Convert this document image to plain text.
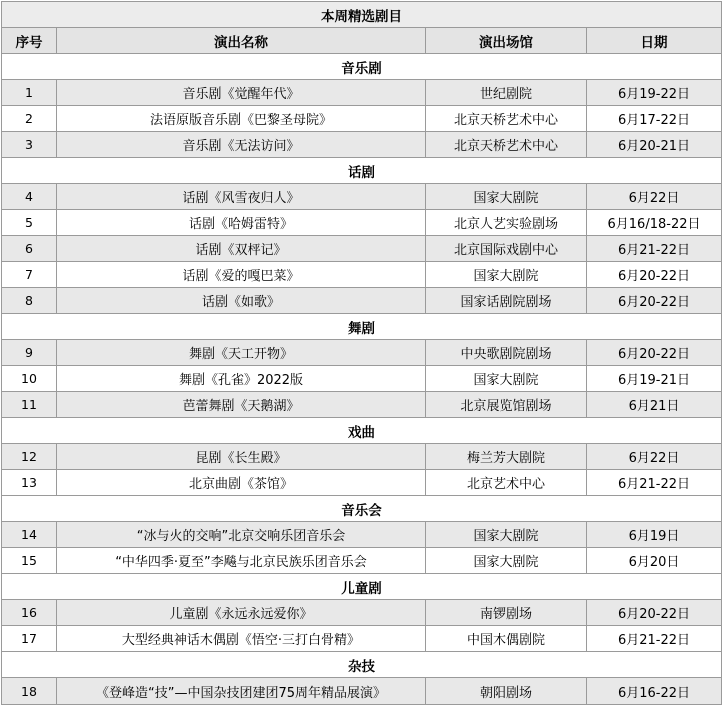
本周精选剧目			
序号	演出名称	演出场馆	日期
音乐剧			
1	音乐剧《觉醒年代》	世纪剧院	6月19-22日
2	法语原版音乐剧《巴黎圣母院》	北京天桥艺术中心	6月17-22日
3	音乐剧《无法访问》	北京天桥艺术中心	6月20-21日
话剧			
4	话剧《风雪夜归人》	国家大剧院	6月22日
5	话剧《哈姆雷特》	北京人艺实验剧场	6月16/18-22日
6	话剧《双枰记》	北京国际戏剧中心	6月21-22日
7	话剧《爱的嘎巴菜》	国家大剧院	6月20-22日
8	话剧《如歌》	国家话剧院剧场	6月20-22日
舞剧			
9	舞剧《天工开物》	中央歌剧院剧场	6月20-22日
10	舞剧《孔雀》2022版	国家大剧院	6月19-21日
11	芭蕾舞剧《天鹅湖》	北京展览馆剧场	6月21日
戏曲			
12	昆剧《长生殿》	梅兰芳大剧院	6月22日
13	北京曲剧《茶馆》	北京艺术中心	6月21-22日
音乐会			
14	“冰与火的交响”北京交响乐团音乐会	国家大剧院	6月19日
15	“中华四季·夏至”李飚与北京民族乐团音乐会	国家大剧院	6月20日
儿童剧			
16	儿童剧《永远永远爱你》	南锣剧场	6月20-22日
17	大型经典神话木偶剧《悟空·三打白骨精》	中国木偶剧院	6月21-22日
杂技			
18	《登峰造“技”—中国杂技团建团75周年精品展演》	朝阳剧场	6月16-22日
